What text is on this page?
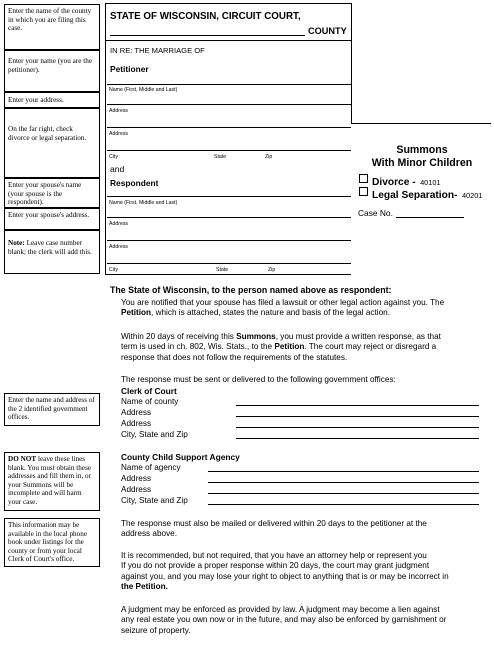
Enter the name of the county in which you are filing this case.
Enter your name (you are the petitioner).
Enter your address.
On the far right, check divorce or legal separation.
Enter your spouse's name (your spouse is the respondent).
Enter your spouse's address.
Note: Leave case number blank; the clerk will add this.
Enter the name and address of the 2 identified government offices.
DO NOT leave these lines blank. You must obtain these addresses and fill them in, or your Summons will be incomplete and will harm your case.
This information may be available in the local phone book under listings for the county or from your local Clerk of Court's office.
STATE OF WISCONSIN, CIRCUIT COURT,
COUNTY
IN RE: THE MARRIAGE OF
Petitioner
Name (First, Middle and Last)
Address
Address
City	State	Zip
and
Respondent
Name (First, Middle and Last)
Address
Address
City	State	Zip
Summons
With Minor Children
Divorce - 40101
Legal Separation- 40201
Case No.
The State of Wisconsin, to the person named above as respondent:
You are notified that your spouse has filed a lawsuit or other legal action against you. The
Petition, which is attached, states the nature and basis of the legal action.
Within 20 days of receiving this Summons, you must provide a written response, as that
term is used in ch. 802, Wis. Stats., to the Petition. The court may reject or disregard a
response that does not follow the requirements of the statutes.
The response must be sent or delivered to the following government offices:
Clerk of Court
Name of county
Address
Address
City, State and Zip
County Child Support Agency
Name of agency
Address
Address
City, State and Zip
The response must also be mailed or delivered within 20 days to the petitioner at the
address above.
It is recommended, but not required, that you have an attorney help or represent you
If you do not provide a proper response within 20 days, the court may grant judgment
against you, and you may lose your right to object to anything that is or may be incorrect in
the Petition.
A judgment may be enforced as provided by law. A judgment may become a lien against
any real estate you own now or in the future, and may also be enforced by garnishment or
seizure of property.
